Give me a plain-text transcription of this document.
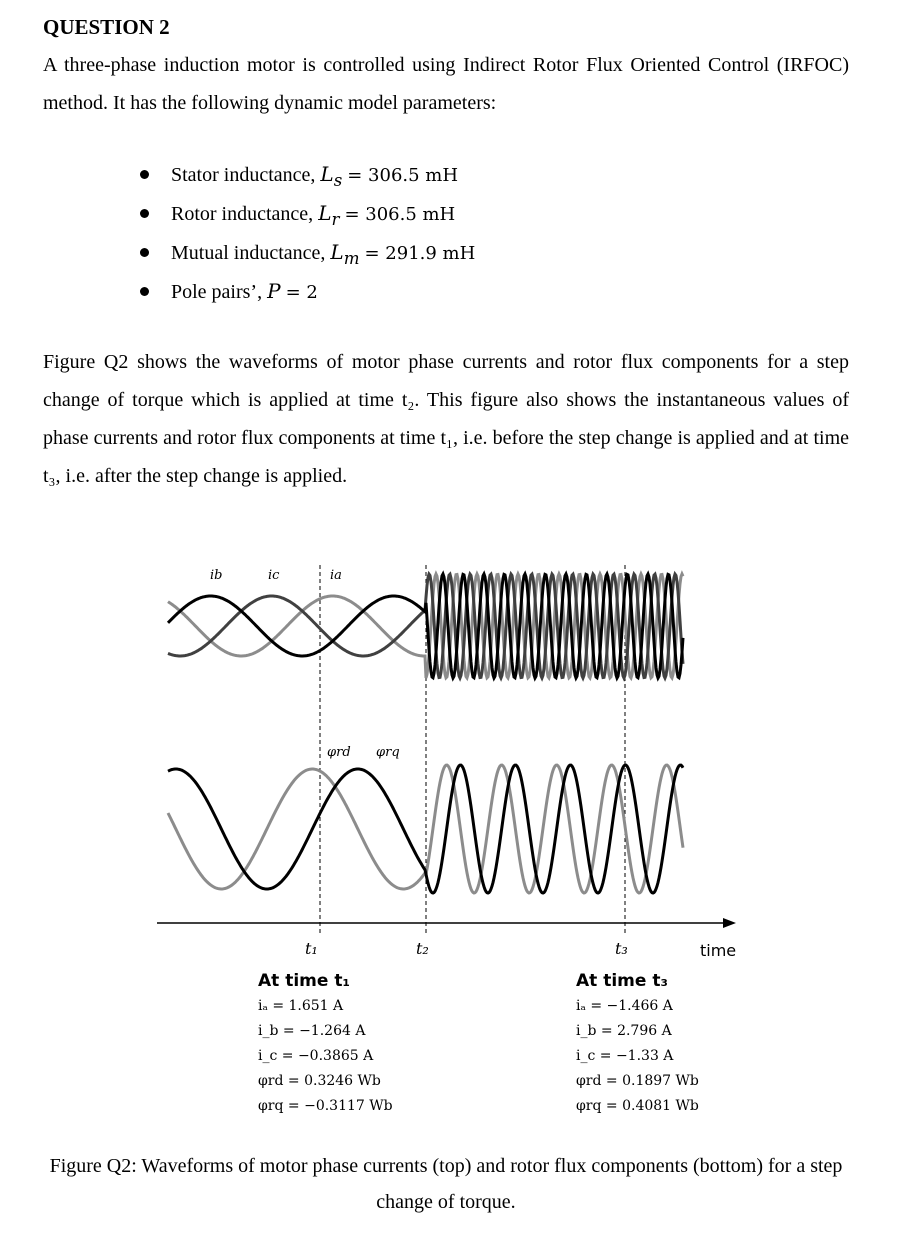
QUESTION 2
A three-phase induction motor is controlled using Indirect Rotor Flux Oriented Control (IRFOC) method. It has the following dynamic model parameters:
Stator inductance, $L_s = 306.5$ mH
Rotor inductance, $L_r = 306.5$ mH
Mutual inductance, $L_m = 291.9$ mH
Pole pairs’, P = 2
Figure Q2 shows the waveforms of motor phase currents and rotor flux components for a step change of torque which is applied at time t₂. This figure also shows the instantaneous values of phase currents and rotor flux components at time t₁, i.e. before the step change is applied and at time t₃, i.e. after the step change is applied.
ib	ic	ia
φrd φrq
time
t₁	t₂	t₃
At time t₁
iₐ = 1.651 A
i_b = −1.264 A
i_c = −0.3865 A
φrd = 0.3246 Wb
φrq = −0.3117 Wb
At time t₃
iₐ = −1.466 A
i_b = 2.796 A
i_c = −1.33 A
φrd = 0.1897 Wb
φrq = 0.4081 Wb
Figure Q2: Waveforms of motor phase currents (top) and rotor flux components (bottom) for a step change of torque.
